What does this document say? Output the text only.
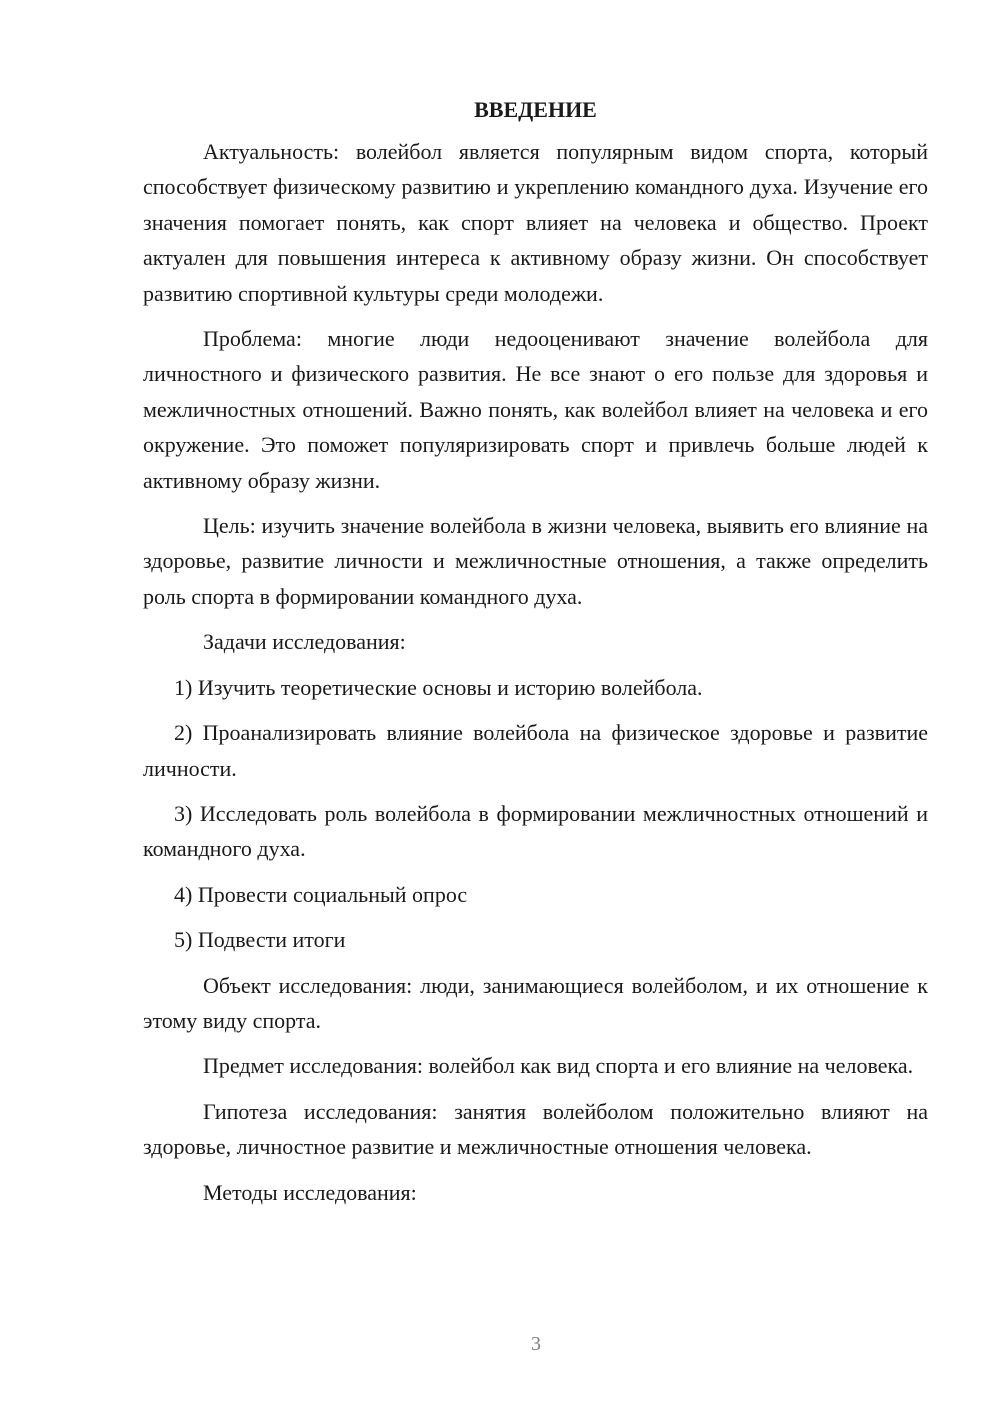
ВВЕДЕНИЕ

Актуальность: волейбол является популярным видом спорта, который способствует физическому развитию и укреплению командного духа. Изучение его значения помогает понять, как спорт влияет на человека и общество. Проект актуален для повышения интереса к активному образу жизни. Он способствует развитию спортивной культуры среди молодежи.

Проблема: многие люди недооценивают значение волейбола для личностного и физического развития. Не все знают о его пользе для здоровья и межличностных отношений. Важно понять, как волейбол влияет на человека и его окружение. Это поможет популяризировать спорт и привлечь больше людей к активному образу жизни.

Цель: изучить значение волейбола в жизни человека, выявить его влияние на здоровье, развитие личности и межличностные отношения, а также определить роль спорта в формировании командного духа.

Задачи исследования:

1) Изучить теоретические основы и историю волейбола.

2) Проанализировать влияние волейбола на физическое здоровье и развитие личности.

3) Исследовать роль волейбола в формировании межличностных отношений и командного духа.

4) Провести социальный опрос

5) Подвести итоги

Объект исследования: люди, занимающиеся волейболом, и их отношение к этому виду спорта.

Предмет исследования: волейбол как вид спорта и его влияние на человека.

Гипотеза исследования: занятия волейболом положительно влияют на здоровье, личностное развитие и межличностные отношения человека.

Методы исследования:

3
